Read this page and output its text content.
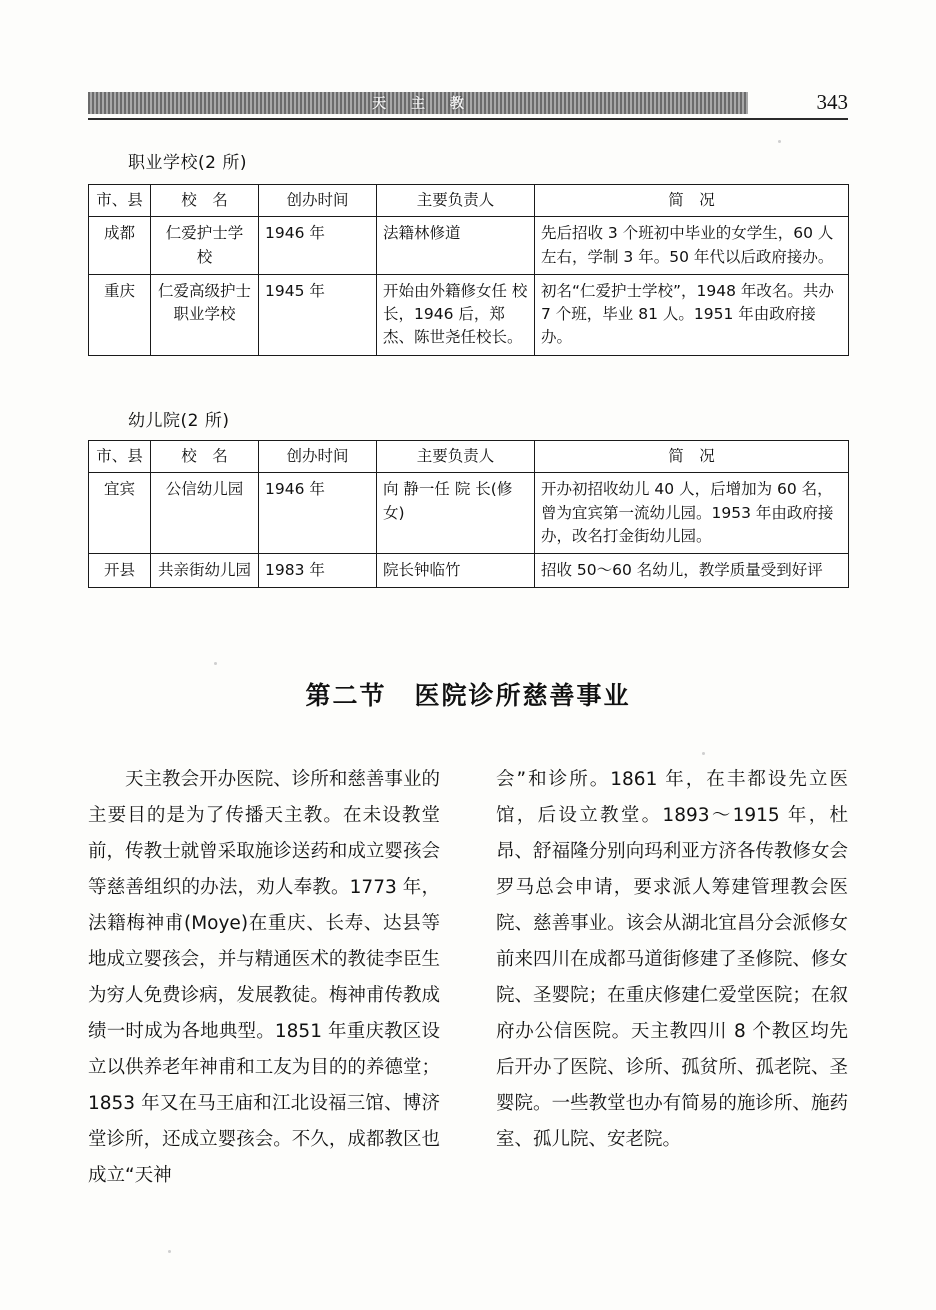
天 主 教	343
职业学校(2 所)
市、县	校　名	创办时间	主要负责人	简　况
成都	仁爱护士学　校	1946 年	法籍林修道	先后招收 3 个班初中毕业的女学生，60 人左右，学制 3 年。50 年代以后政府接办。
重庆	仁爱高级护士职业学校	1945 年	开始由外籍修女任 校 长，1946 后，郑杰、陈世尧任校长。	初名“仁爱护士学校”，1948 年改名。共办 7 个班，毕业 81 人。1951 年由政府接办。
幼儿院(2 所)
市、县	校　名	创办时间	主要负责人	简　况
宜宾	公信幼儿园	1946 年	向 静一任 院 长(修女)	开办初招收幼儿 40 人，后增加为 60 名，曾为宜宾第一流幼儿园。1953 年由政府接办，改名打金街幼儿园。
开县	共亲街幼儿园	1983 年	院长钟临竹	招收 50～60 名幼儿，教学质量受到好评
第二节 医院诊所慈善事业

天主教会开办医院、诊所和慈善事业的主要目的是为了传播天主教。在未设教堂前，传教士就曾采取施诊送药和成立婴孩会等慈善组织的办法，劝人奉教。1773 年，法籍梅神甫(Moye)在重庆、长寿、达县等地成立婴孩会，并与精通医术的教徒李臣生为穷人免费诊病，发展教徒。梅神甫传教成绩一时成为各地典型。1851 年重庆教区设立以供养老年神甫和工友为目的的养德堂；1853 年又在马王庙和江北设福三馆、博济堂诊所，还成立婴孩会。不久，成都教区也成立“天神

会”和诊所。1861 年，在丰都设先立医馆，后设立教堂。1893～1915 年，杜昂、舒福隆分别向玛利亚方济各传教修女会罗马总会申请，要求派人筹建管理教会医院、慈善事业。该会从湖北宜昌分会派修女前来四川在成都马道街修建了圣修院、修女院、圣婴院；在重庆修建仁爱堂医院；在叙府办公信医院。天主教四川 8 个教区均先后开办了医院、诊所、孤贫所、孤老院、圣婴院。一些教堂也办有简易的施诊所、施药室、孤儿院、安老院。
